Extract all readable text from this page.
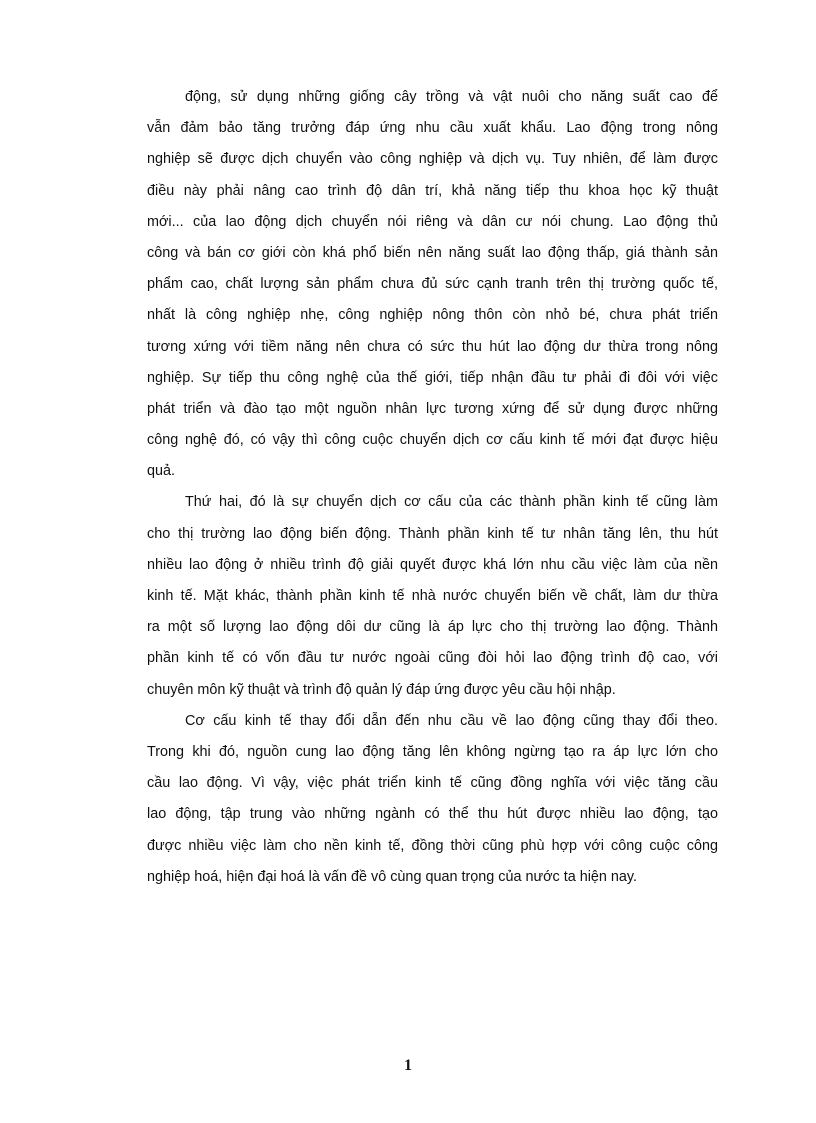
động, sử dụng những giống cây trồng và vật nuôi cho năng suất cao để
vẫn đảm bảo tăng trưởng đáp ứng nhu cầu xuất khẩu. Lao động trong nông
nghiệp sẽ được dịch chuyển vào công nghiệp và dịch vụ. Tuy nhiên, để làm được
điều này phải nâng cao trình độ dân trí, khả năng tiếp thu khoa học kỹ thuật
mới... của lao động dịch chuyển nói riêng và dân cư nói chung. Lao động thủ
công và bán cơ giới còn khá phổ biến nên năng suất lao động thấp, giá thành sản
phẩm cao, chất lượng sản phẩm chưa đủ sức cạnh tranh trên thị trường quốc tế,
nhất là công nghiệp nhẹ, công nghiệp nông thôn còn nhỏ bé, chưa phát triển
tương xứng với tiềm năng nên chưa có sức thu hút lao động dư thừa trong nông
nghiệp. Sự tiếp thu công nghệ của thế giới, tiếp nhận đầu tư phải đi đôi với việc
phát triển và đào tạo một nguồn nhân lực tương xứng để sử dụng được những
công nghệ đó, có vậy thì công cuộc chuyển dịch cơ cấu kinh tế mới đạt được hiệu
quả.
Thứ hai, đó là sự chuyển dịch cơ cấu của các thành phần kinh tế cũng làm
cho thị trường lao động biến động. Thành phần kinh tế tư nhân tăng lên, thu hút
nhiều lao động ở nhiều trình độ giải quyết được khá lớn nhu cầu việc làm của nền
kinh tế. Mặt khác, thành phần kinh tế nhà nước chuyển biến về chất, làm dư thừa
ra một số lượng lao động dôi dư cũng là áp lực cho thị trường lao động. Thành
phần kinh tế có vốn đầu tư nước ngoài cũng đòi hỏi lao động trình độ cao, với
chuyên môn kỹ thuật và trình độ quản lý đáp ứng được yêu cầu hội nhập.
Cơ cấu kinh tế thay đổi dẫn đến nhu cầu về lao động cũng thay đổi theo.
Trong khi đó, nguồn cung lao động tăng lên không ngừng tạo ra áp lực lớn cho
cầu lao động. Vì vậy, việc phát triển kinh tế cũng đồng nghĩa với việc tăng cầu
lao động, tập trung vào những ngành có thể thu hút được nhiều lao động, tạo
được nhiều việc làm cho nền kinh tế, đồng thời cũng phù hợp với công cuộc công
nghiệp hoá, hiện đại hoá là vấn đề vô cùng quan trọng của nước ta hiện nay.
1
